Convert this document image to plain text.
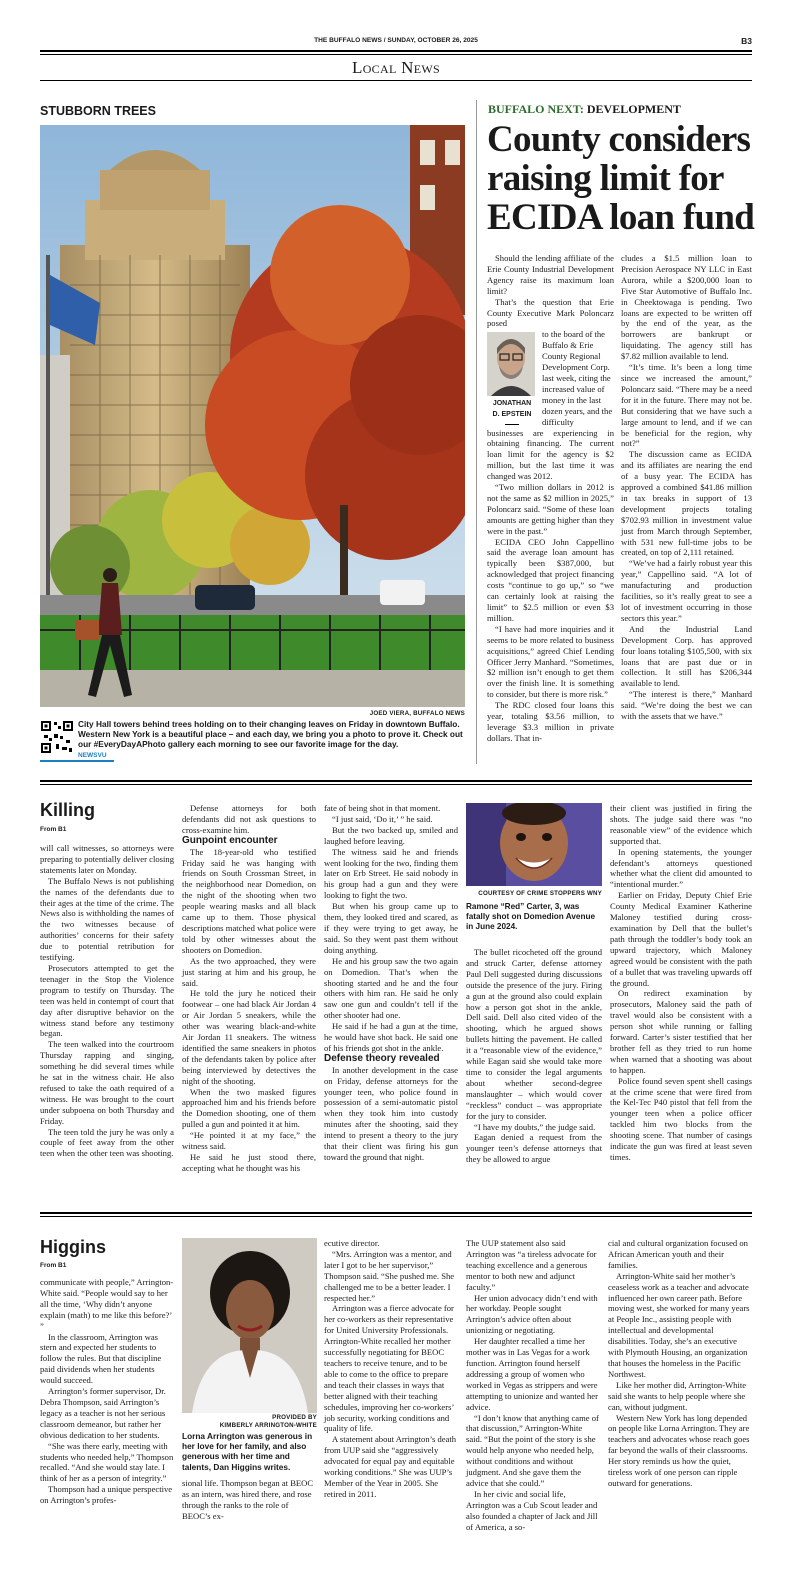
THE BUFFALO NEWS / SUNDAY, OCTOBER 26, 2025	B3
Local News
STUBBORN TREES
JOED VIERA, BUFFALO NEWS
NEWSVU
City Hall towers behind trees holding on to their changing leaves on Friday in downtown Buffalo. Western New York is a beautiful place – and each day, we bring you a photo to prove it. Check out our #EveryDayAPhoto gallery each morning to see our favorite image for the day.
BUFFALO NEXT: DEVELOPMENT
County considers raising limit for ECIDA loan fund

Should the lending affiliate of the Erie County Industrial Development Agency raise its maximum loan limit?

That’s the question that Erie County Executive Mark Poloncarz posed

JONATHAN
D. EPSTEIN

to the board of the Buffalo & Erie County Regional Development Corp. last week, citing the increased value of money in the last dozen years, and the difficulty

businesses are experiencing in obtaining financing. The current loan limit for the agency is $2 million, but the last time it was changed was 2012.

“Two million dollars in 2012 is not the same as $2 million in 2025,” Poloncarz said. “Some of these loan amounts are getting higher than they were in the past.”

ECIDA CEO John Cappellino said the average loan amount has typically been $387,000, but acknowledged that project financing costs “continue to go up,” so “we can certainly look at raising the limit” to $2.5 million or even $3 million.

“I have had more inquiries and it seems to be more related to business acquisitions,” agreed Chief Lending Officer Jerry Manhard. “Sometimes, $2 million isn’t enough to get them over the finish line. It is something to consider, but there is more risk.”

The RDC closed four loans this year, totaling $3.56 million, to leverage $3.3 million in private dollars. That in-

cludes a $1.5 million loan to Precision Aerospace NY LLC in East Aurora, while a $200,000 loan to Five Star Automotive of Buffalo Inc. in Cheektowaga is pending. Two loans are expected to be written off by the end of the year, as the borrowers are bankrupt or liquidating. The agency still has $7.82 million available to lend.

“It’s time. It’s been a long time since we increased the amount,” Poloncarz said. “There may be a need for it in the future. There may not be. But considering that we have such a large amount to lend, and if we can be beneficial for the region, why not?”

The discussion came as ECIDA and its affiliates are nearing the end of a busy year. The ECIDA has approved a combined $41.86 million in tax breaks in support of 13 development projects totaling $702.93 million in investment value just from March through September, with 531 new full-time jobs to be created, on top of 2,111 retained.

“We’ve had a fairly robust year this year,” Cappellino said. “A lot of manufacturing and production facilities, so it’s really great to see a lot of investment occurring in those sectors this year.”

And the Industrial Land Development Corp. has approved four loans totaling $105,500, with six loans that are past due or in collection. It still has $206,344 available to lend.

“The interest is there,” Manhard said. “We’re doing the best we can with the assets that we have.”

Killing
From B1

will call witnesses, so attorneys were preparing to potentially deliver closing statements later on Monday.

The Buffalo News is not publishing the names of the defendants due to their ages at the time of the crime. The News also is withholding the names of the two witnesses because of authorities’ concerns for their safety due to potential retribution for testifying.

Prosecutors attempted to get the teenager in the Stop the Violence program to testify on Thursday. The teen was held in contempt of court that day after disruptive behavior on the witness stand before any testimony began.

The teen walked into the courtroom Thursday rapping and singing, something he did several times while he sat in the witness chair. He also refused to take the oath required of a witness. He was brought to the court under subpoena on both Thursday and Friday.

The teen told the jury he was only a couple of feet away from the other teen when the other teen was shooting.

Defense attorneys for both defendants did not ask questions to cross-examine him.

Gunpoint encounter

The 18-year-old who testified Friday said he was hanging with friends on South Crossman Street, in the neighborhood near Domedion, on the night of the shooting when two people wearing masks and all black came up to them. Those physical descriptions matched what police were told by other witnesses about the shooters on Domedion.

As the two approached, they were just staring at him and his group, he said.

He told the jury he noticed their footwear – one had black Air Jordan 4 or Air Jordan 5 sneakers, while the other was wearing black-and-white Air Jordan 11 sneakers. The witness identified the same sneakers in photos of the defendants taken by police after being interviewed by detectives the night of the shooting.

When the two masked figures approached him and his friends before the Domedion shooting, one of them pulled a gun and pointed it at him.

“He pointed it at my face,” the witness said.

He said he just stood there, accepting what he thought was his

fate of being shot in that moment.

“I just said, ‘Do it,’ ” he said.

But the two backed up, smiled and laughed before leaving.

The witness said he and friends went looking for the two, finding them later on Erb Street. He said nobody in his group had a gun and they were looking to fight the two.

But when his group came up to them, they looked tired and scared, as if they were trying to get away, he said. So they went past them without doing anything.

He and his group saw the two again on Domedion. That’s when the shooting started and he and the four others with him ran. He said he only saw one gun and couldn’t tell if the other shooter had one.

He said if he had a gun at the time, he would have shot back. He said one of his friends got shot in the ankle.

Defense theory revealed

In another development in the case on Friday, defense attorneys for the younger teen, who police found in possession of a semi-automatic pistol when they took him into custody minutes after the shooting, said they intend to present a theory to the jury that their client was firing his gun toward the ground that night.

COURTESY OF CRIME STOPPERS WNY
Ramone “Red” Carter, 3, was fatally shot on Domedion Avenue in June 2024.

The bullet ricocheted off the ground and struck Carter, defense attorney Paul Dell suggested during discussions outside the presence of the jury. Firing a gun at the ground also could explain how a person got shot in the ankle, Dell said. Dell also cited video of the shooting, which he argued shows bullets hitting the pavement. He called it a “reasonable view of the evidence,” while Eagan said she would take more time to consider the legal arguments about whether second-degree manslaughter – which would cover “reckless” conduct – was appropriate for the jury to consider.

“I have my doubts,” the judge said.

Eagan denied a request from the younger teen’s defense attorneys that they be allowed to argue

their client was justified in firing the shots. The judge said there was “no reasonable view” of the evidence which supported that.

In opening statements, the younger defendant’s attorneys questioned whether what the client did amounted to “intentional murder.”

Earlier on Friday, Deputy Chief Erie County Medical Examiner Katherine Maloney testified during cross-examination by Dell that the bullet’s path through the toddler’s body took an upward trajectory, which Maloney agreed would be consistent with the path of a bullet that was traveling upwards off the ground.

On redirect examination by prosecutors, Maloney said the path of travel would also be consistent with a person shot while running or falling forward. Carter’s sister testified that her brother fell as they tried to run home when warned that a shooting was about to happen.

Police found seven spent shell casings at the crime scene that were fired from the Kel-Tec P40 pistol that fell from the younger teen when a police officer tackled him two blocks from the shooting scene. That number of casings indicate the gun was fired at least seven times.

Higgins
From B1

communicate with people,” Arrington-White said. “People would say to her all the time, ‘Why didn’t anyone explain (math) to me like this before?’ ”

In the classroom, Arrington was stern and expected her students to follow the rules. But that discipline paid dividends when her students would succeed.

Arrington’s former supervisor, Dr. Debra Thompson, said Arrington’s legacy as a teacher is not her serious classroom demeanor, but rather her obvious dedication to her students.

“She was there early, meeting with students who needed help,” Thompson recalled. “And she would stay late. I think of her as a person of integrity.”

Thompson had a unique perspective on Arrington’s profes-

PROVIDED BY
KIMBERLY ARRINGTON-WHITE
Lorna Arrington was generous in her love for her family, and also generous with her time and talents, Dan Higgins writes.

sional life. Thompson began at BEOC as an intern, was hired there, and rose through the ranks to the role of BEOC’s ex-

ecutive director.

“Mrs. Arrington was a mentor, and later I got to be her supervisor,” Thompson said. “She pushed me. She challenged me to be a better leader. I respected her.”

Arrington was a fierce advocate for her co-workers as their representative for United University Professionals. Arrington-White recalled her mother successfully negotiating for BEOC teachers to receive tenure, and to be able to come to the office to prepare and teach their classes in ways that better aligned with their teaching schedules, improving her co-workers’ job security, working conditions and quality of life.

A statement about Arrington’s death from UUP said she “aggressively advocated for equal pay and equitable working conditions.” She was UUP’s Member of the Year in 2005. She retired in 2011.

The UUP statement also said Arrington was “a tireless advocate for teaching excellence and a generous mentor to both new and adjunct faculty.”

Her union advocacy didn’t end with her workday. People sought Arrington’s advice often about unionizing or negotiating.

Her daughter recalled a time her mother was in Las Vegas for a work function. Arrington found herself addressing a group of women who worked in Vegas as strippers and were attempting to unionize and wanted her advice.

“I don’t know that anything came of that discussion,” Arrington-White said. “But the point of the story is she would help anyone who needed help, without conditions and without judgment. And she gave them the advice that she could.”

In her civic and social life, Arrington was a Cub Scout leader and also founded a chapter of Jack and Jill of America, a so-

cial and cultural organization focused on African American youth and their families.

Arrington-White said her mother’s ceaseless work as a teacher and advocate influenced her own career path. Before moving west, she worked for many years at People Inc., assisting people with intellectual and developmental disabilities. Today, she’s an executive with Plymouth Housing, an organization that houses the homeless in the Pacific Northwest.

Like her mother did, Arrington-White said she wants to help people where she can, without judgment.

Western New York has long depended on people like Lorna Arrington. They are teachers and advocates whose reach goes far beyond the walls of their classrooms. Her story reminds us how the quiet, tireless work of one person can ripple outward for generations.
